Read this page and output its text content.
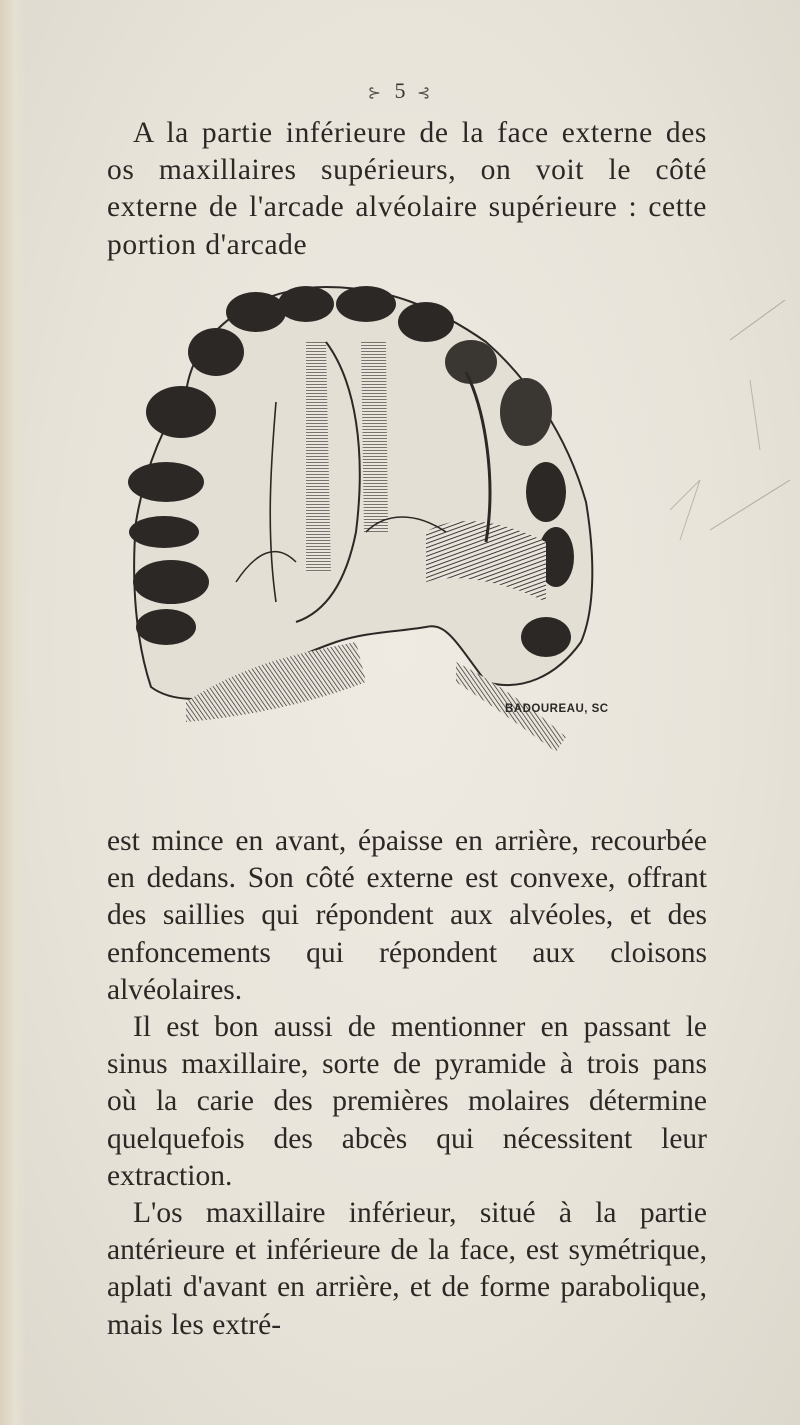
⊱ 5 ⊰

A la partie inférieure de la face externe des os maxillaires supérieurs, on voit le côté externe de l'arcade alvéolaire supérieure : cette portion d'arcade

BADOUREAU, SC

est mince en avant, épaisse en arrière, recourbée en dedans. Son côté externe est convexe, offrant des saillies qui répondent aux alvéoles, et des enfoncements qui répondent aux cloisons alvéolaires.

Il est bon aussi de mentionner en passant le sinus maxillaire, sorte de pyramide à trois pans où la carie des premières molaires détermine quelquefois des abcès qui nécessitent leur extraction.

L'os maxillaire inférieur, situé à la partie antérieure et inférieure de la face, est symétrique, aplati d'avant en arrière, et de forme parabolique, mais les extré-
